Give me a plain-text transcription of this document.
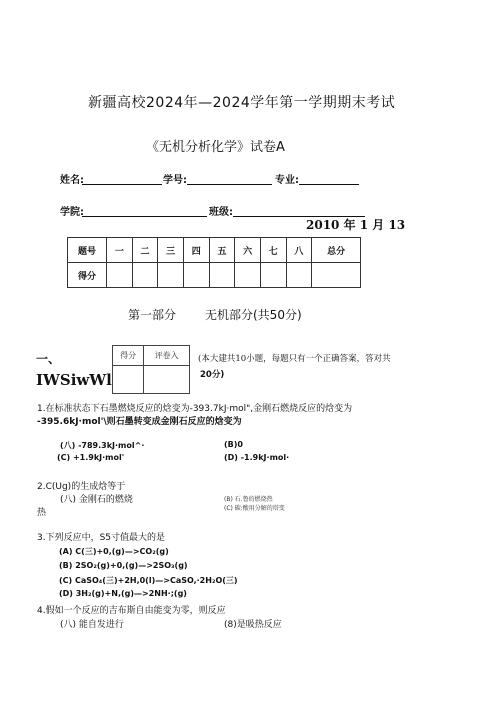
新疆高校2024年—2024学年第一学期期末考试
《无机分析化学》试卷A
姓名:	学号:	专业:
学院:	班级:
2010 年 1 月 13
题号	一	二	三	四	五	六	七	八	总分
得分									
第一部分 无机部分(共50分)
一、
IWSiwWl
得分	评卷入
	(本大建共10小题，每题只有一个正确答案，答对共
20分)
1.在标准状态下石墨燃烧反应的焓变为-393.7kJ·mol",金刚石燃烧反应的焓变为
-395.6kJ·mol'\则石墨转变成金刚石反应的焓变为
(八) -789.3kJ·mol^·	(B)0
(C) +1.9kJ·mol'	(D) -1.9kJ·mol·
2.C(Ug)的生成焓等于
(八) 金刚石的燃烧	(B) 石.鲁的燃烧热
热	(C) 碳:酸用分解的塔变
3.下列反应中，S5寸值最大的是
(A) C(三)+0,(g)—>CO₂(g)
(B) 2SO₂(g)+0,(g)—>2SO₃(g)
(C) CaSO₄(三)+2H,0(l)—>CaSO,·2H₂O(三)
(D) 3H₂(g)+N,(g)—>2NH·;(g)
4.假如一个反应的吉布斯自由能变为零，则反应
(八) 能自发进行	(8)是吸热反应
